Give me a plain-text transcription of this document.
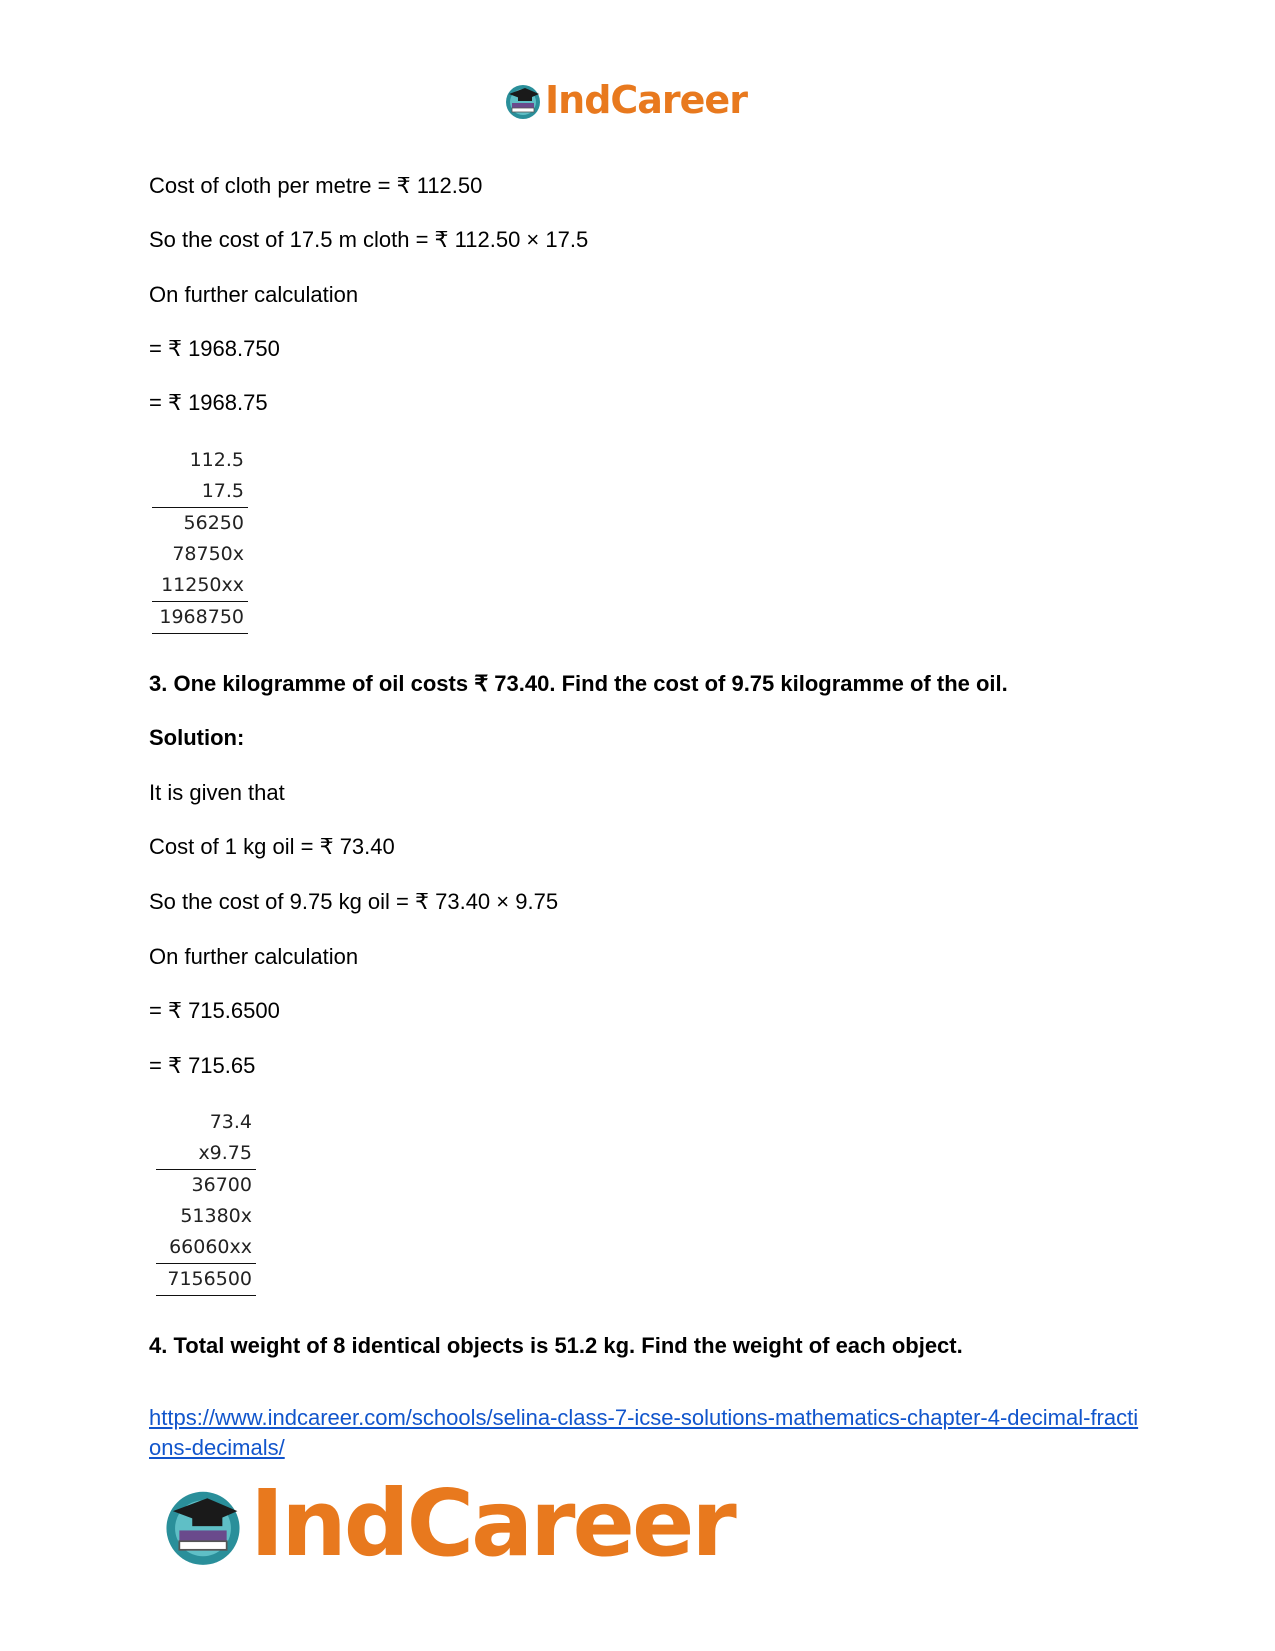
IndCareer
Cost of cloth per metre = ₹ 112.50
So the cost of 17.5 m cloth = ₹ 112.50 × 17.5
On further calculation
= ₹ 1968.750
= ₹ 1968.75
112.5
17.5
56250
78750x
11250xx
1968750
3. One kilogramme of oil costs ₹ 73.40. Find the cost of 9.75 kilogramme of the oil.
Solution:
It is given that
Cost of 1 kg oil = ₹ 73.40
So the cost of 9.75 kg oil = ₹ 73.40 × 9.75
On further calculation
= ₹ 715.6500
= ₹ 715.65
73.4
x9.75
36700
51380x
66060xx
7156500
4. Total weight of 8 identical objects is 51.2 kg. Find the weight of each object.
https://www.indcareer.com/schools/selina-class-7-icse-solutions-mathematics-chapter-4-decimal-fractions-decimals/
IndCareer
